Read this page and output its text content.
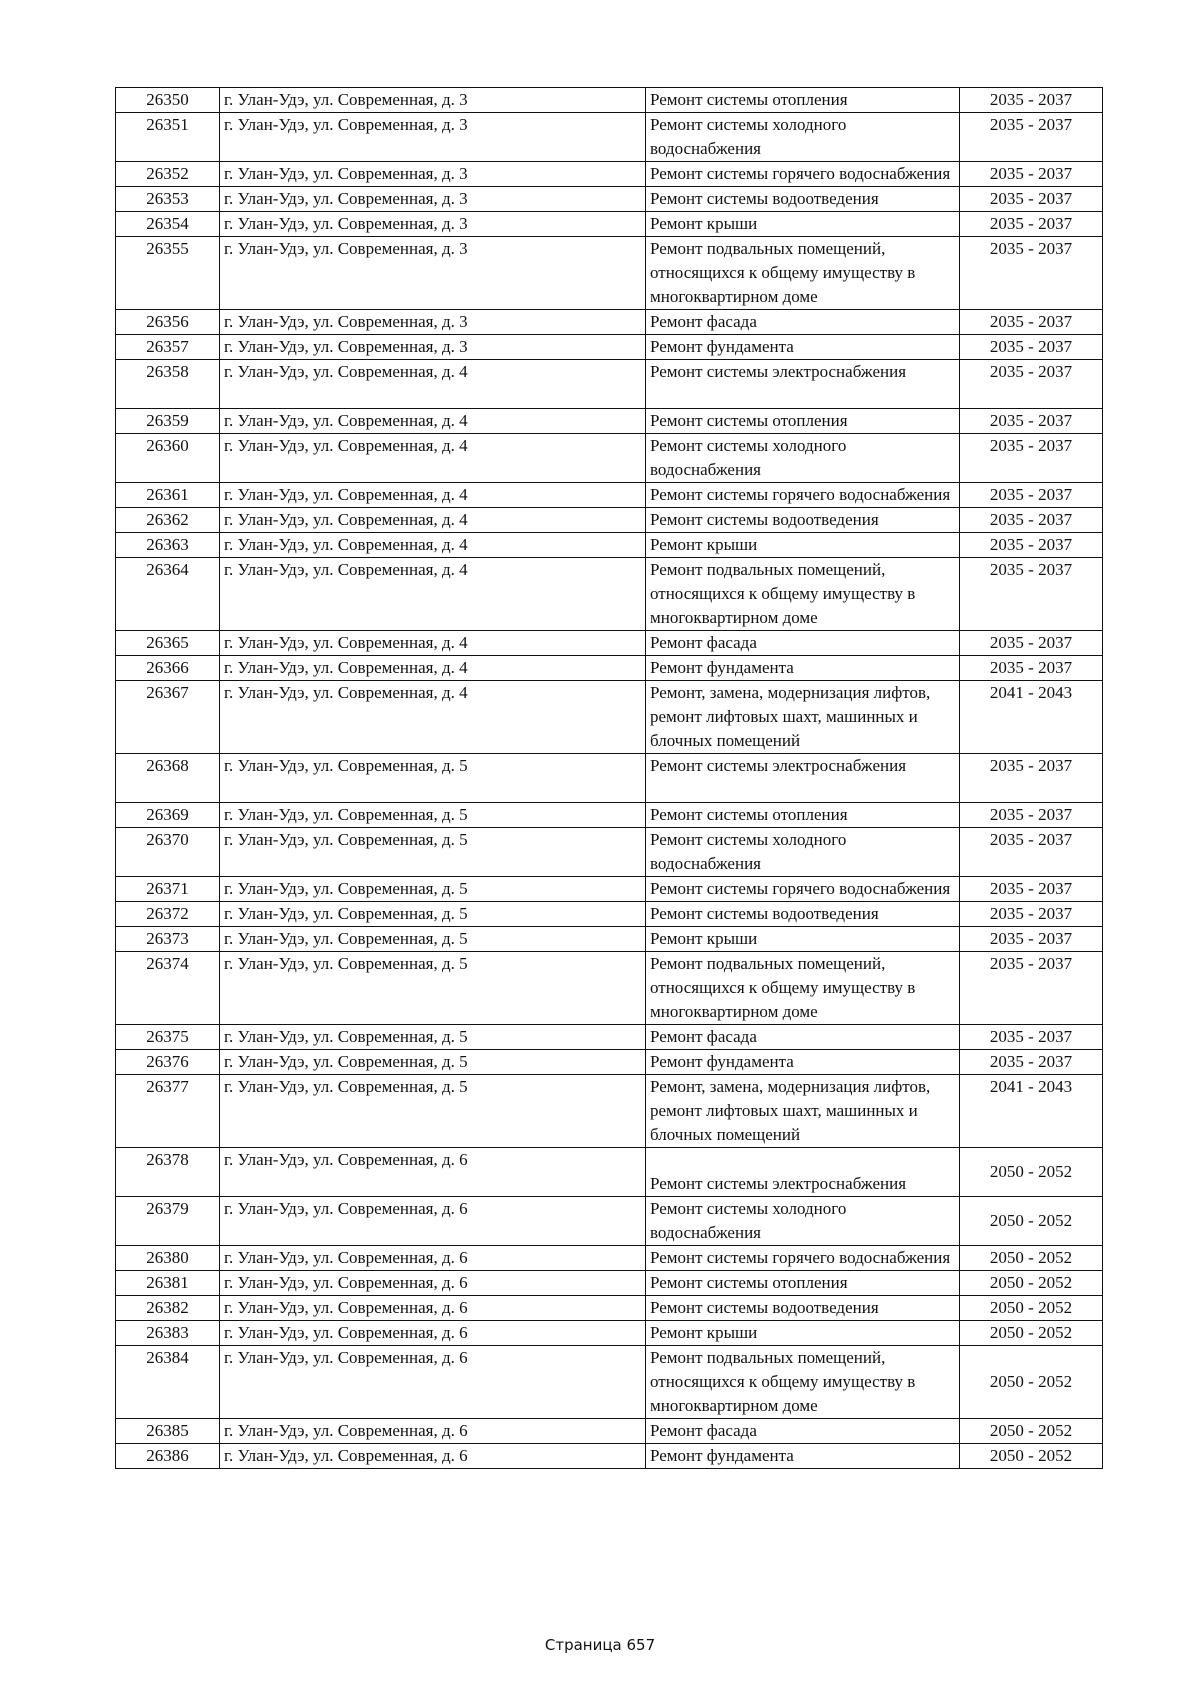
26350	г. Улан-Удэ, ул. Современная, д. 3	Ремонт системы отопления	2035 - 2037
26351	г. Улан-Удэ, ул. Современная, д. 3	Ремонт системы холодного водоснабжения	2035 - 2037
26352	г. Улан-Удэ, ул. Современная, д. 3	Ремонт системы горячего водоснабжения	2035 - 2037
26353	г. Улан-Удэ, ул. Современная, д. 3	Ремонт системы водоотведения	2035 - 2037
26354	г. Улан-Удэ, ул. Современная, д. 3	Ремонт крыши	2035 - 2037
26355	г. Улан-Удэ, ул. Современная, д. 3	Ремонт подвальных помещений, относящихся к общему имуществу в многоквартирном доме	2035 - 2037
26356	г. Улан-Удэ, ул. Современная, д. 3	Ремонт фасада	2035 - 2037
26357	г. Улан-Удэ, ул. Современная, д. 3	Ремонт фундамента	2035 - 2037
26358	г. Улан-Удэ, ул. Современная, д. 4	Ремонт системы электроснабжения	2035 - 2037
26359	г. Улан-Удэ, ул. Современная, д. 4	Ремонт системы отопления	2035 - 2037
26360	г. Улан-Удэ, ул. Современная, д. 4	Ремонт системы холодного водоснабжения	2035 - 2037
26361	г. Улан-Удэ, ул. Современная, д. 4	Ремонт системы горячего водоснабжения	2035 - 2037
26362	г. Улан-Удэ, ул. Современная, д. 4	Ремонт системы водоотведения	2035 - 2037
26363	г. Улан-Удэ, ул. Современная, д. 4	Ремонт крыши	2035 - 2037
26364	г. Улан-Удэ, ул. Современная, д. 4	Ремонт подвальных помещений, относящихся к общему имуществу в многоквартирном доме	2035 - 2037
26365	г. Улан-Удэ, ул. Современная, д. 4	Ремонт фасада	2035 - 2037
26366	г. Улан-Удэ, ул. Современная, д. 4	Ремонт фундамента	2035 - 2037
26367	г. Улан-Удэ, ул. Современная, д. 4	Ремонт, замена, модернизация лифтов, ремонт лифтовых шахт, машинных и блочных помещений	2041 - 2043
26368	г. Улан-Удэ, ул. Современная, д. 5	Ремонт системы электроснабжения	2035 - 2037
26369	г. Улан-Удэ, ул. Современная, д. 5	Ремонт системы отопления	2035 - 2037
26370	г. Улан-Удэ, ул. Современная, д. 5	Ремонт системы холодного водоснабжения	2035 - 2037
26371	г. Улан-Удэ, ул. Современная, д. 5	Ремонт системы горячего водоснабжения	2035 - 2037
26372	г. Улан-Удэ, ул. Современная, д. 5	Ремонт системы водоотведения	2035 - 2037
26373	г. Улан-Удэ, ул. Современная, д. 5	Ремонт крыши	2035 - 2037
26374	г. Улан-Удэ, ул. Современная, д. 5	Ремонт подвальных помещений, относящихся к общему имуществу в многоквартирном доме	2035 - 2037
26375	г. Улан-Удэ, ул. Современная, д. 5	Ремонт фасада	2035 - 2037
26376	г. Улан-Удэ, ул. Современная, д. 5	Ремонт фундамента	2035 - 2037
26377	г. Улан-Удэ, ул. Современная, д. 5	Ремонт, замена, модернизация лифтов, ремонт лифтовых шахт, машинных и блочных помещений	2041 - 2043
26378	г. Улан-Удэ, ул. Современная, д. 6	Ремонт системы электроснабжения	2050 - 2052
26379	г. Улан-Удэ, ул. Современная, д. 6	Ремонт системы холодного водоснабжения	2050 - 2052
26380	г. Улан-Удэ, ул. Современная, д. 6	Ремонт системы горячего водоснабжения	2050 - 2052
26381	г. Улан-Удэ, ул. Современная, д. 6	Ремонт системы отопления	2050 - 2052
26382	г. Улан-Удэ, ул. Современная, д. 6	Ремонт системы водоотведения	2050 - 2052
26383	г. Улан-Удэ, ул. Современная, д. 6	Ремонт крыши	2050 - 2052
26384	г. Улан-Удэ, ул. Современная, д. 6	Ремонт подвальных помещений, относящихся к общему имуществу в многоквартирном доме	2050 - 2052
26385	г. Улан-Удэ, ул. Современная, д. 6	Ремонт фасада	2050 - 2052
26386	г. Улан-Удэ, ул. Современная, д. 6	Ремонт фундамента	2050 - 2052
Страница 657
